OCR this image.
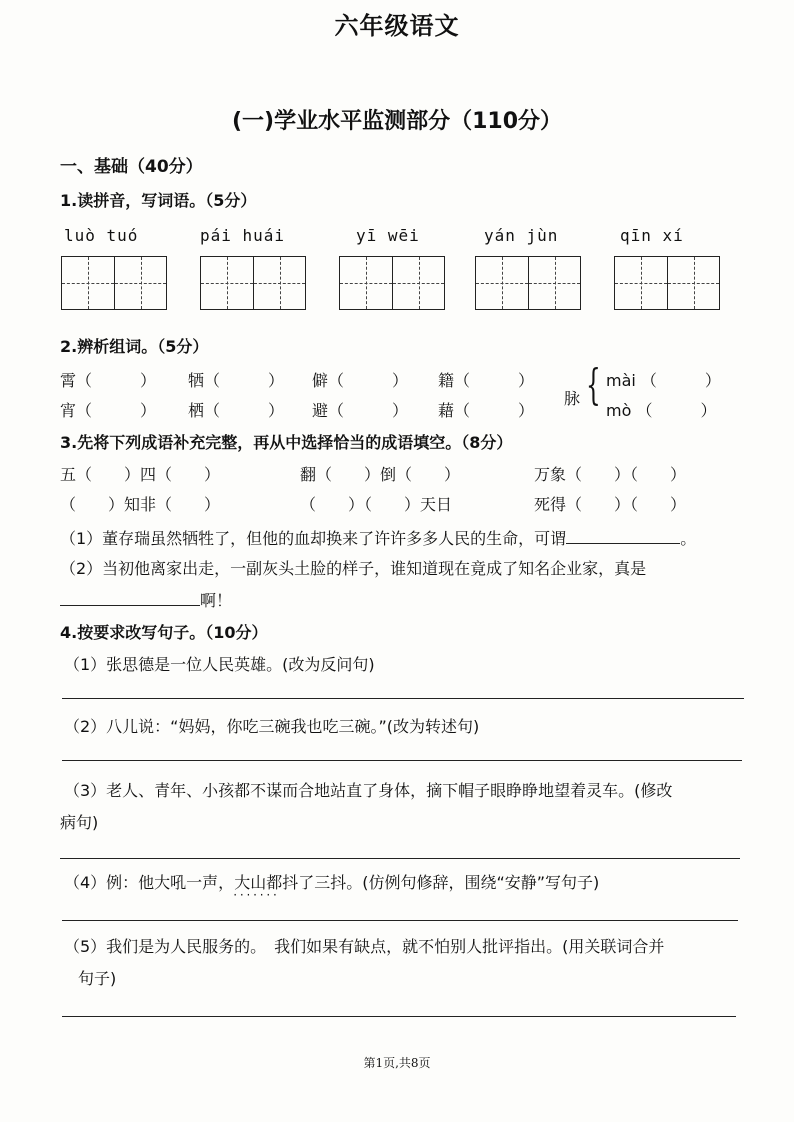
六年级语文
(一)学业水平监测部分（110分）
一、基础（40分）
1.读拼音，写词语。（5分）
luò tuó	pái huái	yī wēi	yán jùn	qīn xí
2.辨析组词。（5分）
霄（　　　） 牺（　　　） 僻（　　　） 籍（　　　）
宵（　　　） 栖（　　　） 避（　　　） 藉（　　　）
脉 { mài （　　　）
mò （　　　）
3.先将下列成语补充完整，再从中选择恰当的成语填空。（8分）
五（　　）四（　　）	翻（　　）倒（　　）	万象（　　）（　　）
（　　）知非（　　）	（　　）（　　）天日	死得（　　）（　　）
（1）董存瑞虽然牺牲了，但他的血却换来了许许多多人民的生命，可谓	。
（2）当初他离家出走，一副灰头土脸的样子，谁知道现在竟成了知名企业家，真是
啊！
4.按要求改写句子。（10分）
（1）张思德是一位人民英雄。(改为反问句)
（2）八儿说：“妈妈，你吃三碗我也吃三碗。”(改为转述句)
（3）老人、青年、小孩都不谋而合地站直了身体，摘下帽子眼睁睁地望着灵车。(修改
病句)
（4）例：他大吼一声，大山都抖了三抖 · · ·。(仿例句修辞，围绕“安静”写句子)
（5）我们是为人民服务的。　我们如果有缺点，就不怕别人批评指出。(用关联词合并
句子)
第1页,共8页
